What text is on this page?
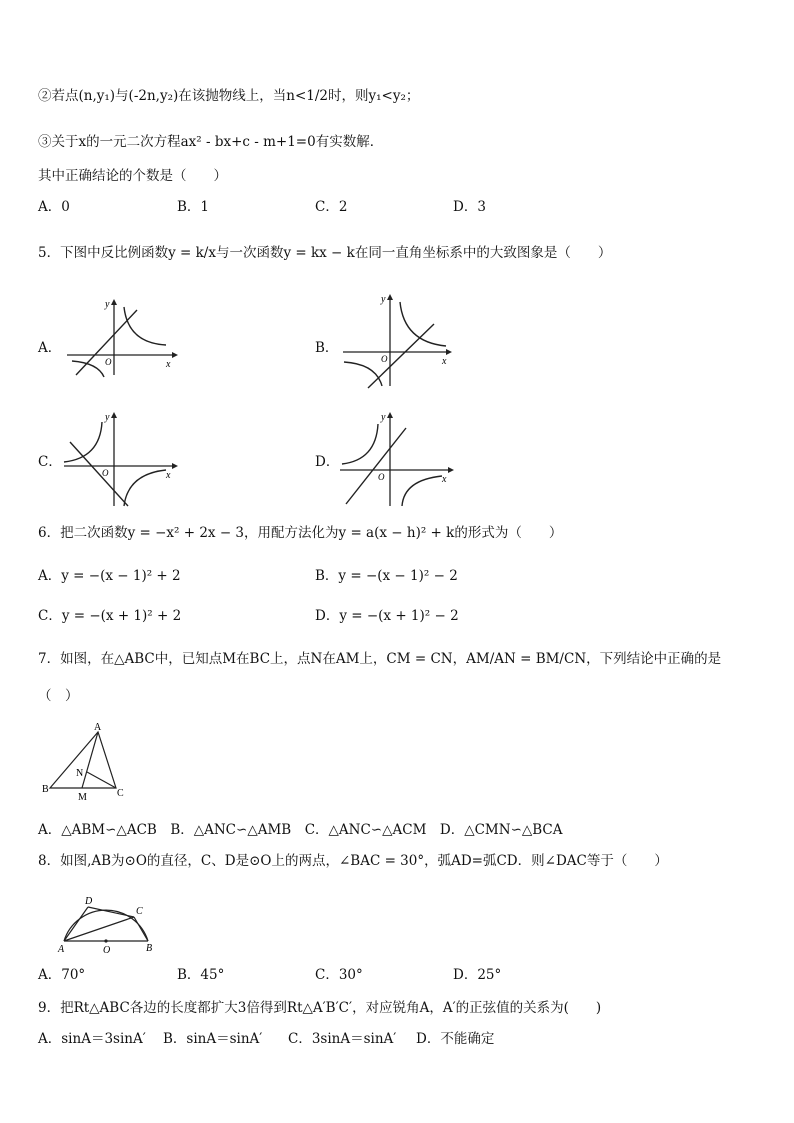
②若点(n,y₁)与(-2n,y₂)在该抛物线上，当n<1/2时，则y₁<y₂；
③关于x的一元二次方程ax² - bx+c - m+1=0有实数解．
其中正确结论的个数是（　　）
A．0	B．1	C．2	D．3
5．下图中反比例函数y = k/x与一次函数y = kx − k在同一直角坐标系中的大致图象是（　　）
A．
x
y
O
B．
x
y
O
C．
x
y
O
D．
x
y
O
6．把二次函数y = −x² + 2x − 3，用配方法化为y = a(x − h)² + k的形式为（　　）
A．y = −(x − 1)² + 2	B．y = −(x − 1)² − 2
C．y = −(x + 1)² + 2	D．y = −(x + 1)² − 2
7．如图，在△ABC中，已知点M在BC上，点N在AM上，CM = CN，AM/AN = BM/CN，下列结论中正确的是
（　）
A
N
B
M	C
A．△ABM∽△ACB　B．△ANC∽△AMB　C．△ANC∽△ACM　D．△CMN∽△BCA
8．如图,AB为⊙O的直径，C、D是⊙O上的两点，∠BAC = 30°，弧AD=弧CD．则∠DAC等于（　　）
D
C
A	O	B
A．70°	B．45°	C．30°	D．25°
9．把Rt△ABC各边的长度都扩大3倍得到Rt△A′B′C′，对应锐角A，A′的正弦值的关系为(　　)
A．sinA＝3sinA′ B．sinA＝sinA′ C．3sinA＝sinA′ D．不能确定
